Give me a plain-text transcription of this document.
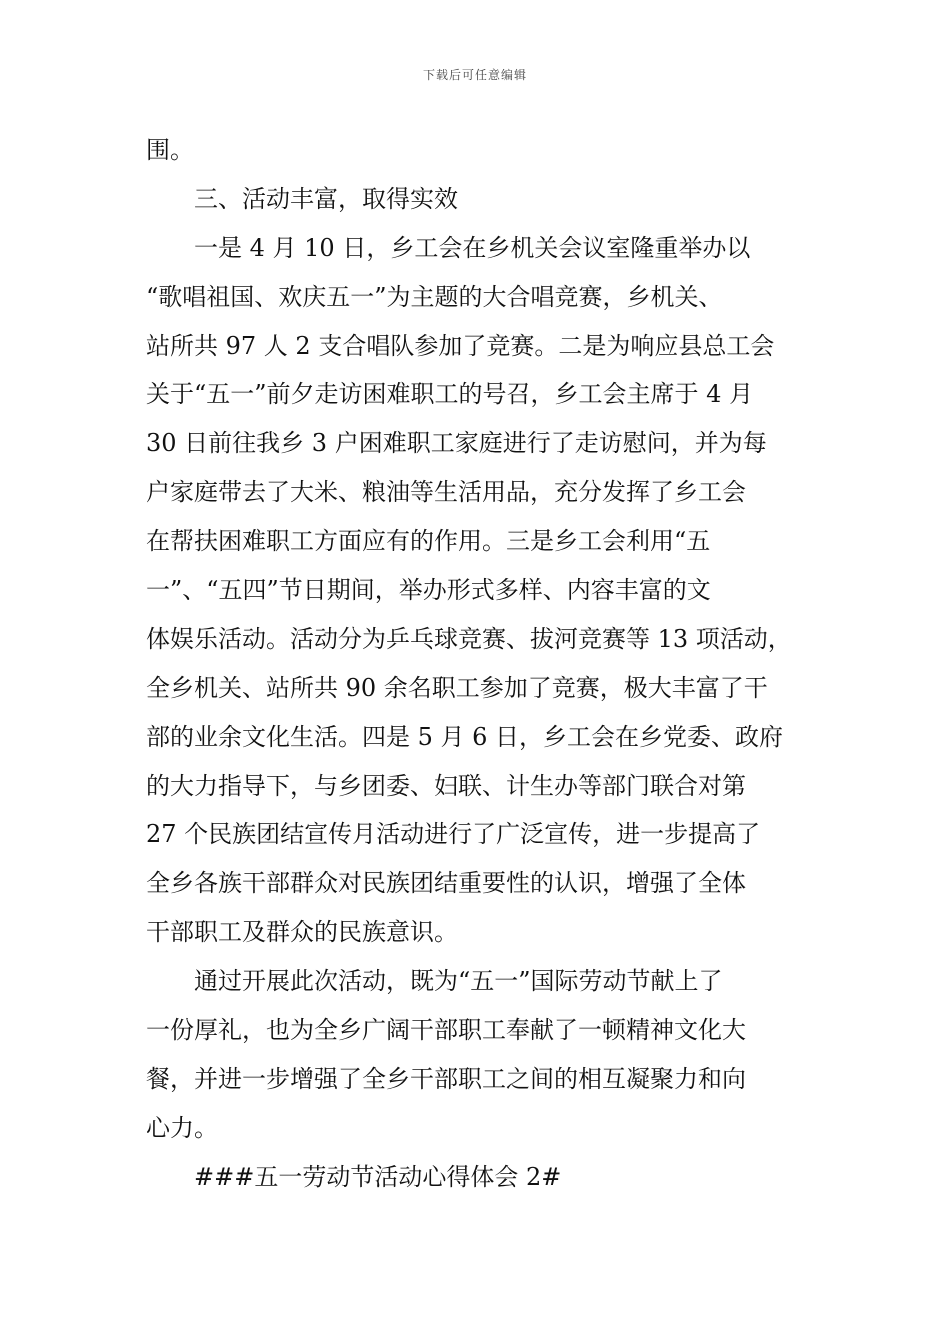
下载后可任意编辑
围。
三、活动丰富，取得实效
一是 4 月 10 日，乡工会在乡机关会议室隆重举办以
“歌唱祖国、欢庆五一”为主题的大合唱竞赛，乡机关、
站所共 97 人 2 支合唱队参加了竞赛。二是为响应县总工会
关于“五一”前夕走访困难职工的号召，乡工会主席于 4 月
30 日前往我乡 3 户困难职工家庭进行了走访慰问，并为每
户家庭带去了大米、粮油等生活用品，充分发挥了乡工会
在帮扶困难职工方面应有的作用。三是乡工会利用“五
一”、“五四”节日期间，举办形式多样、内容丰富的文
体娱乐活动。活动分为乒乓球竞赛、拔河竞赛等 13 项活动，
全乡机关、站所共 90 余名职工参加了竞赛，极大丰富了干
部的业余文化生活。四是 5 月 6 日，乡工会在乡党委、政府
的大力指导下，与乡团委、妇联、计生办等部门联合对第
27 个民族团结宣传月活动进行了广泛宣传，进一步提高了
全乡各族干部群众对民族团结重要性的认识，增强了全体
干部职工及群众的民族意识。
通过开展此次活动，既为“五一”国际劳动节献上了
一份厚礼，也为全乡广阔干部职工奉献了一顿精神文化大
餐，并进一步增强了全乡干部职工之间的相互凝聚力和向
心力。
###五一劳动节活动心得体会 2#
